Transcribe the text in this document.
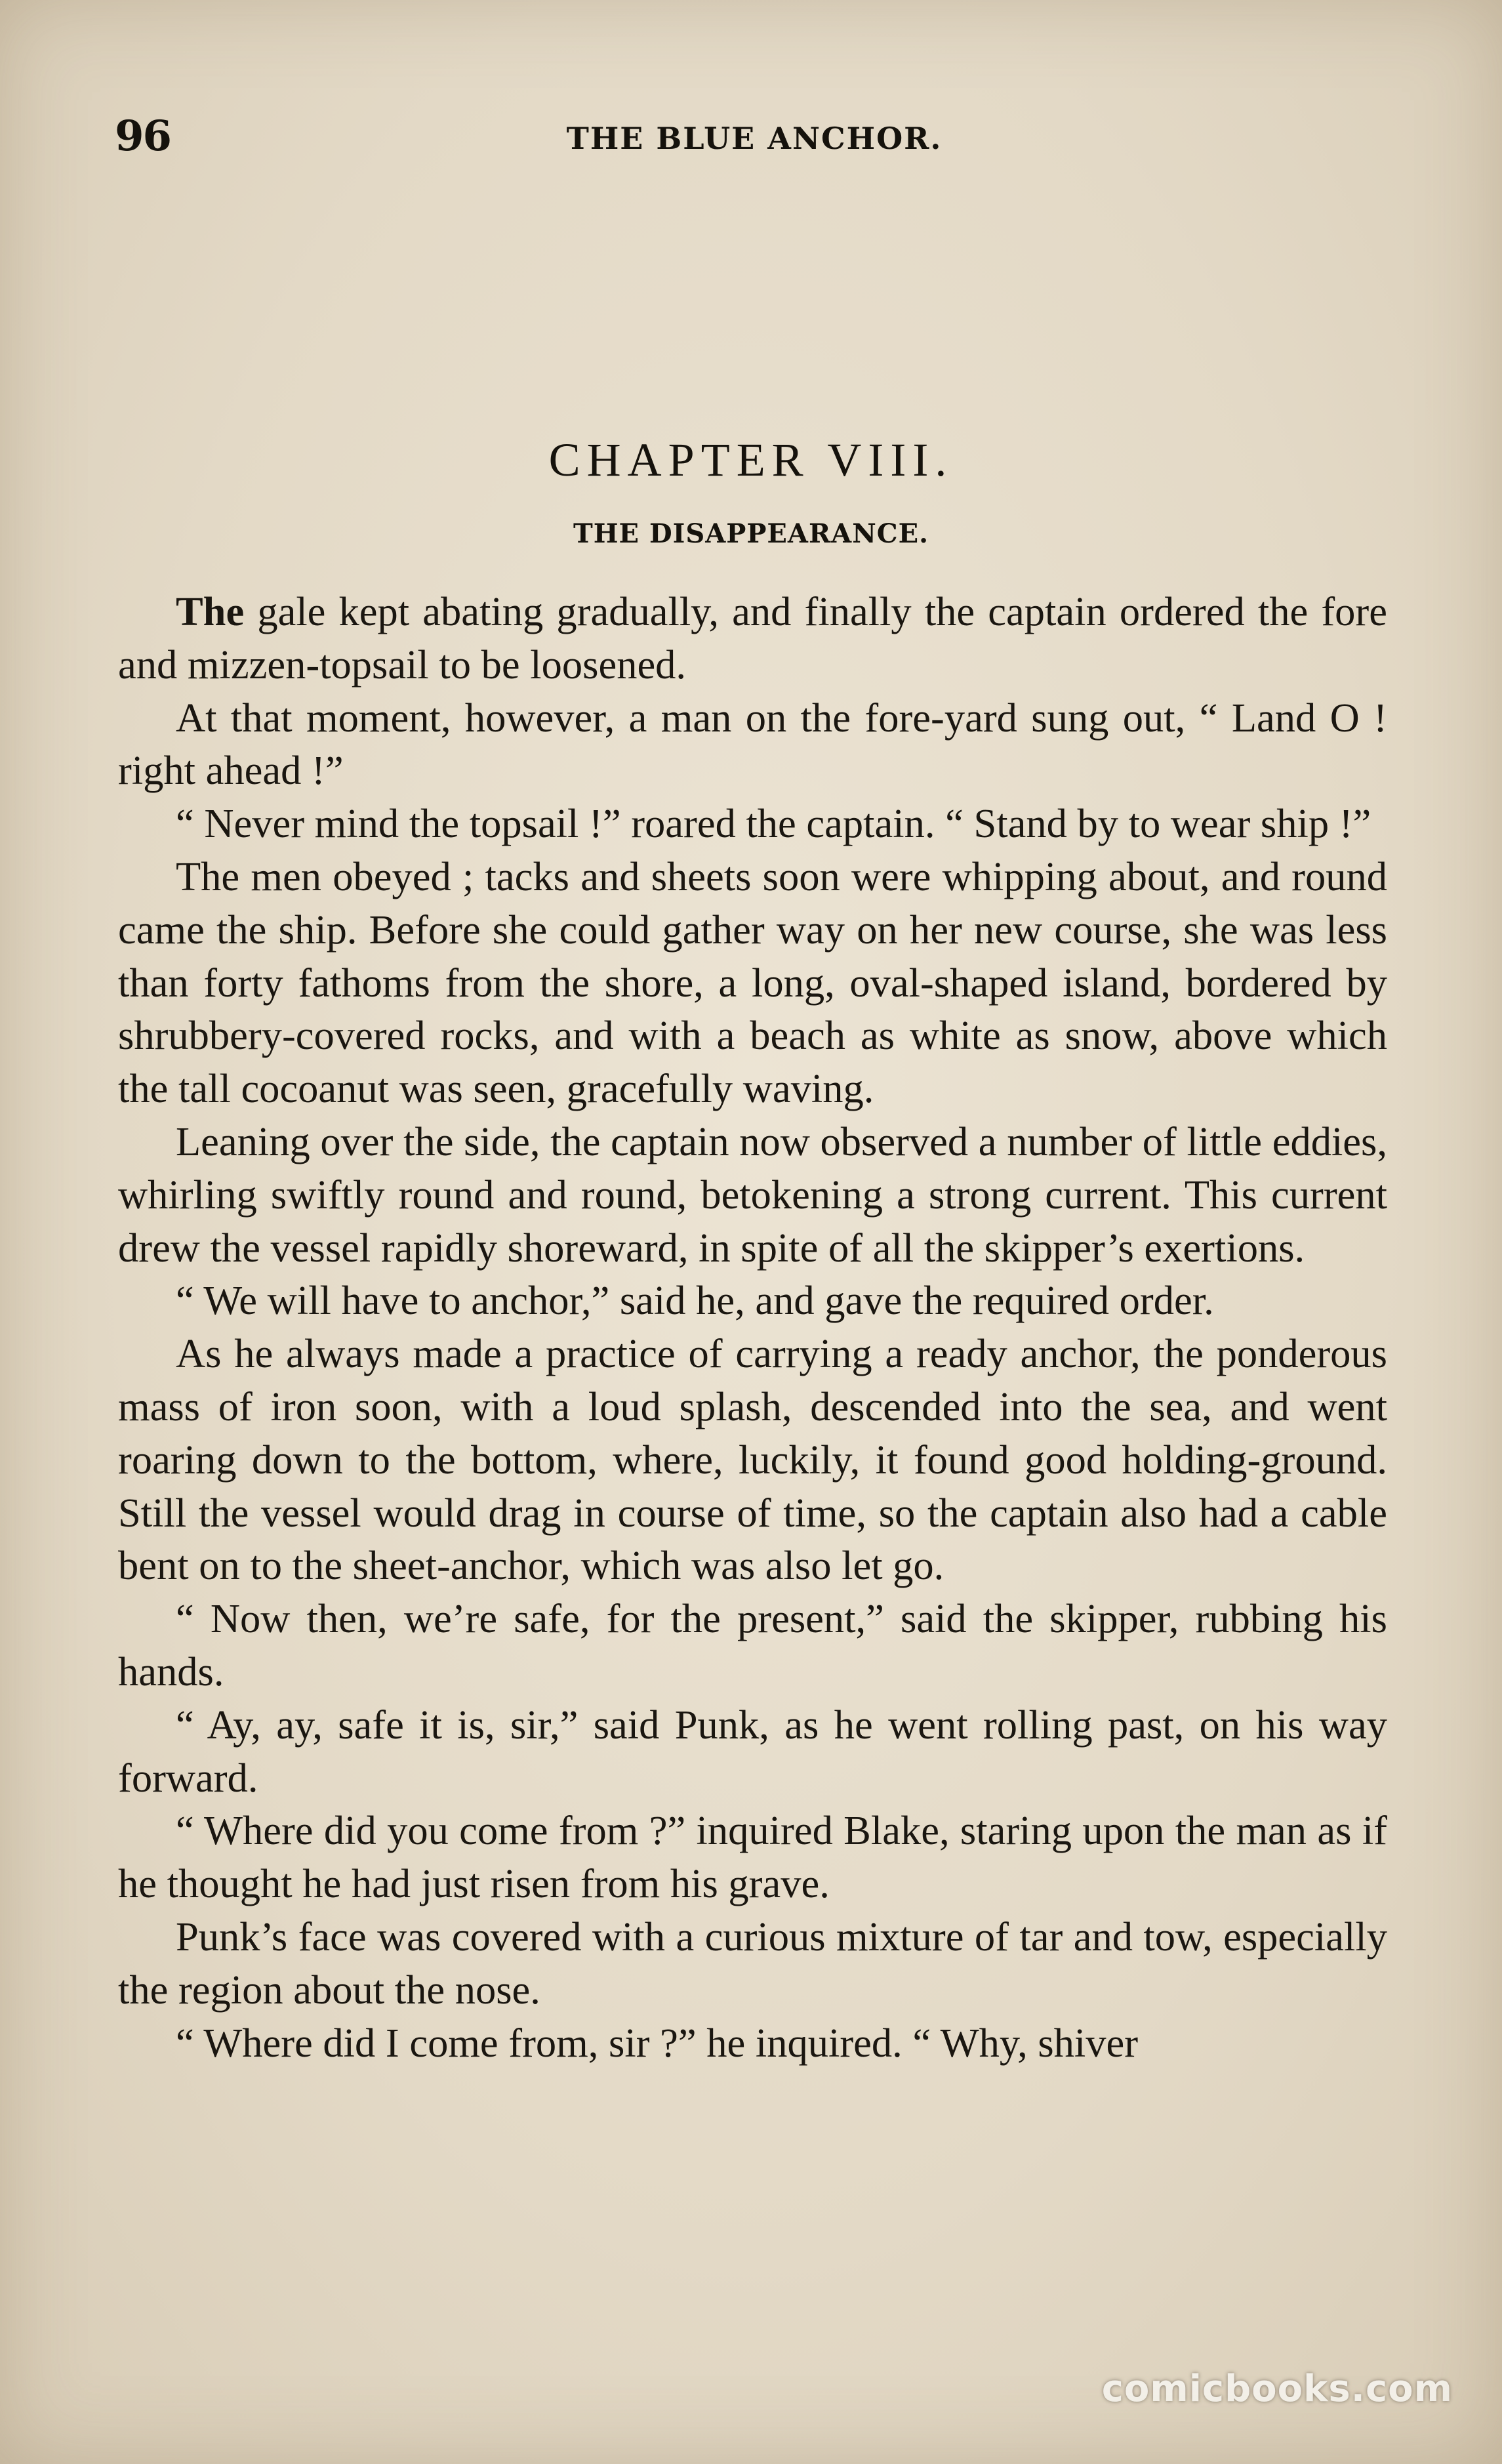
96	THE BLUE ANCHOR.
CHAPTER VIII.
THE DISAPPEARANCE.

The gale kept abating gradually, and finally the captain ordered the fore and mizzen-topsail to be loosened.

At that moment, however, a man on the fore-yard sung out, “ Land O ! right ahead !”

“ Never mind the topsail !” roared the captain. “ Stand by to wear ship !”

The men obeyed ; tacks and sheets soon were whipping about, and round came the ship. Before she could gather way on her new course, she was less than forty fathoms from the shore, a long, oval-shaped island, bordered by shrubbery-covered rocks, and with a beach as white as snow, above which the tall cocoanut was seen, gracefully waving.

Leaning over the side, the captain now observed a number of little eddies, whirling swiftly round and round, betokening a strong current. This current drew the vessel rapidly shoreward, in spite of all the skipper’s exertions.

“ We will have to anchor,” said he, and gave the required order.

As he always made a practice of carrying a ready anchor, the ponderous mass of iron soon, with a loud splash, descended into the sea, and went roaring down to the bottom, where, luckily, it found good holding-ground. Still the vessel would drag in course of time, so the captain also had a cable bent on to the sheet-anchor, which was also let go.

“ Now then, we’re safe, for the present,” said the skipper, rubbing his hands.

“ Ay, ay, safe it is, sir,” said Punk, as he went rolling past, on his way forward.

“ Where did you come from ?” inquired Blake, staring upon the man as if he thought he had just risen from his grave.

Punk’s face was covered with a curious mixture of tar and tow, especially the region about the nose.

“ Where did I come from, sir ?” he inquired. “ Why, shiver

comicbooks.com
